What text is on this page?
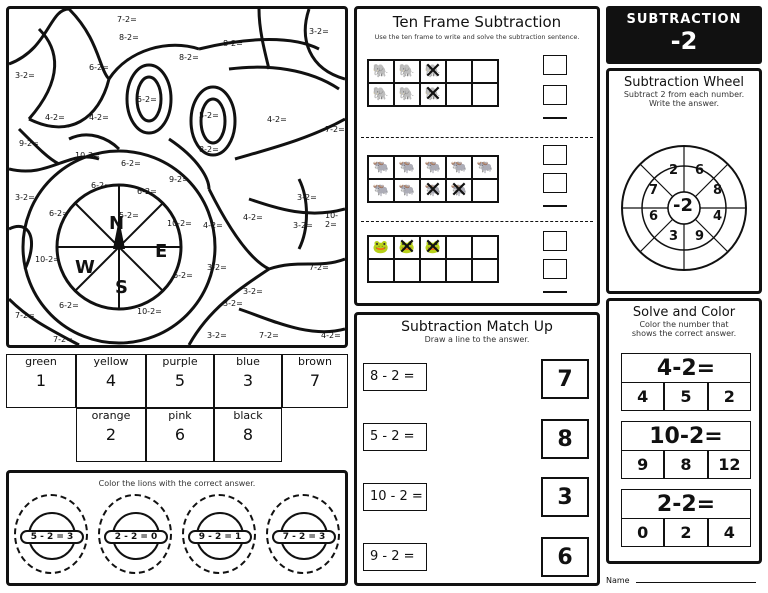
7-2=
3-2=
6-2=
5-2=
8-2=
8-2=
8-2=
5-2=
8-2=
3-2=
4-2=	4-2=	4-2=
7-2=
9-2=
10-2=
6-2=
6-2=
9-2=
3-2=
6-2=
5-2=
10-2= 4-2=
4-2=
3-2=
10-2=
6-2=
3-2=
10-2=
6-2=
3-2=
3-2=
7-2=
6-2=
10-2=
3-2=
7-2=
3-2=	7-2=
7-2=	4-2=
N
S
E
W
green
1
yellow
4
purple
5
blue
3
brown
7
orange
2
pink
6
black
8
Color the lions with the correct answer.
5 - 2 = 3	2 - 2 = 0	9 - 2 = 1	7 - 2 = 3
Ten Frame Subtraction
Use the ten frame to write and solve the subtraction sentence.
🐘 🐘 🐘 ✕
🐘 🐘 🐘 ✕
🐃 🐃 🐃 🐃 🐃
🐃 🐃 🐃 ✕ 🐃 ✕
🐸 🐸 ✕ 🐸 ✕
Subtraction Match Up
Draw a line to the answer.
8 - 2 =
5 - 2 =
10 - 2 =
9 - 2 =
7
8
3
6
SUBTRACTION
-2
Subtraction Wheel
Subtract 2 from each number.
Write the answer.
-2
2 6
8
4
9
3
6
7
Solve and Color
Color the number that
shows the correct answer.
4-2=
4	5	2
10-2=
9	8	12
2-2=
0	2	4
Name
